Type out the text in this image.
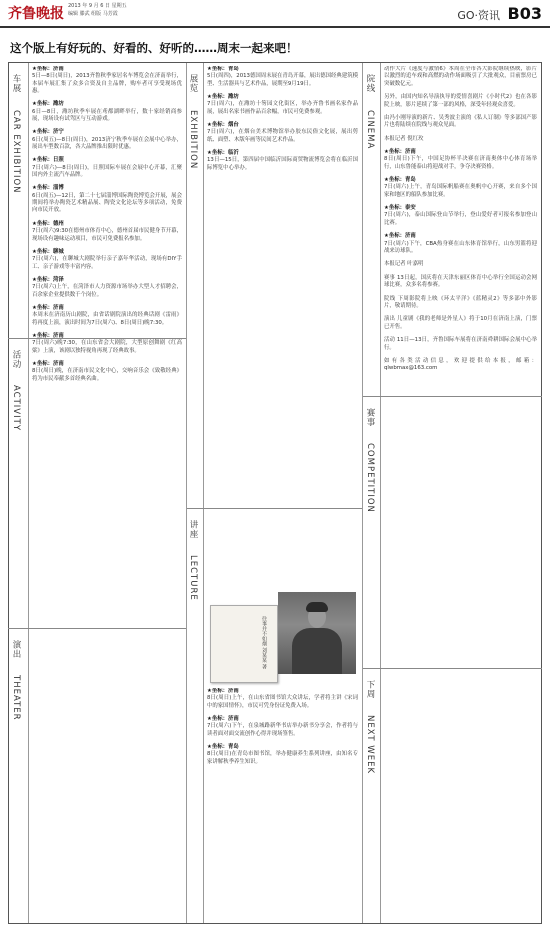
齐鲁晚报 2013 年 9 月 6 日 星期五
编辑 滕武 组版 马芳霞	GO·资讯 B03
这个版上有好玩的、好看的、好听的……周末一起来吧！
车展
CAR EXHIBITION
活动
ACTIVITY
演出
THEATER
展览
EXHIBITION
讲座
LECTURE
院线
CINEMA
赛事
COMPETITION
下周
NEXT WEEK
★坐标：济南
5日—8日(周日)，2013齐鲁秋季家居名车博览会在济南举行，本届车展汇集了众多合资及自主品牌，购车者可享受现场优惠。
★坐标：潍坊
6日—8日，潍坊秋季车展在鸢都湖畔举行，数十家经销商参展，现场设有试驾区与互动游戏。
★坐标：济宁
6日(周五)—8日(周日)，2013济宁秋季车展在会展中心举办，展出车型数百款，各大品牌推出限时优惠。
★坐标：日照
7日(周六)—8日(周日)，日照国际车展在会展中心开幕，汇聚国内外主流汽车品牌。
★坐标：淄博
6日(周五)—12日，第二十七届淄博国际陶瓷博览会开展，展会期间将举办陶瓷艺术精品展、陶瓷文化论坛等多项活动，免费向市民开放。
★坐标：德州
7日(周六)9:30在德州市体育中心，德州首届市民健身节开幕，现场设有趣味运动项目，市民可免费报名参加。
★坐标：聊城
7日(周六)，在聊城大剧院举行亲子嘉年华活动，现场有DIY手工、亲子游戏等丰富内容。
★坐标：菏泽
7日(周六)上午，在菏泽市人力资源市场举办大型人才招聘会，百余家企业提供数千个岗位。
★坐标：济南
本周末在济南历山剧院，由省话剧院演出的经典话剧《雷雨》将再度上演，演出时间为7日(周六)、8日(周日)晚7:30。
★坐标：济南
7日(周六)晚7:30，在山东省会大剧院，大型原创舞剧《红高粱》上演，该剧以独特视角再现了经典故事。
★坐标：济南
8日(周日)晚，在济南市民文化中心，交响音乐会《致敬经典》将为市民奉献多首经典名曲。
★坐标：青岛
5日(周四)，2013德国周末展在青岛开幕，展出德国经典建筑模型、生活器具与艺术作品，展期至9月19日。
★坐标：潍坊
7日(周六)，在潍坊十笏园文化街区，举办齐鲁书画名家作品展，展出名家书画作品百余幅，市民可免费参观。
★坐标：烟台
7日(周六)，在烟台美术博物馆举办胶东民俗文化展，展出剪纸、面塑、木版年画等民间艺术作品。
★坐标：临沂
13日—15日，第四届中国临沂国际商贸物流博览会将在临沂国际博览中心举办。
★坐标：济南
8日(周日)上午，在山东省图书馆大众讲坛，学者将主讲《宋词中的家国情怀》，市民可凭身份证免费入场。
★坐标：济南
7日(周六)下午，在泉城路新华书店举办新书分享会，作者将与读者面对面交流创作心得并现场签售。
★坐标：青岛
8日(周日)在青岛市图书馆，举办健康养生系列讲座，由知名专家讲解秋季养生知识。
动作大片《速度与激情6》本周在全市各大影院继续热映，影片以激烈的追车戏和高燃的动作场面吸引了大批观众，目前票房已突破数亿元。
另外，由国内知名导演执导的爱情喜剧片《小时代2》也在各影院上映，影片延续了第一部的风格，深受年轻观众喜爱。
由冯小刚导演的新片、吴秀波主演的《私人订制》等多部国产影片也将陆续在院线与观众见面。
本报记者 倪红玫
★坐标：济南
8日(周日)下午，中国足协杯半决赛在济南奥体中心体育场举行，山东鲁能泰山将迎战对手，争夺决赛资格。
★坐标：青岛
7日(周六)上午，青岛国际帆船赛在奥帆中心开赛，来自多个国家和地区的船队参加比赛。
★坐标：泰安
7日(周六)，泰山国际登山节举行，登山爱好者可报名参加登山比赛。
★坐标：济南
7日(周六)下午，CBA热身赛在山东体育馆举行，山东男篮将迎战来访球队。
本报记者 叶嘉明
赛事 13日起，国庆将在天津东丽区体育中心举行全国运动会网球比赛，众多名将参赛。
院线 下周影院将上映《环太平洋》《蓝精灵2》等多部中外影片，敬请期待。
演出 儿童剧《我的老师是外星人》将于10月在济南上演，门票已开售。
活动 11日—13日，齐鲁国际车展将在济南舜耕国际会展中心举行。
如有各类活动信息，欢迎提供给本报，邮箱：qlwbmax@163.com
往事并不如烟 刘某某 著
